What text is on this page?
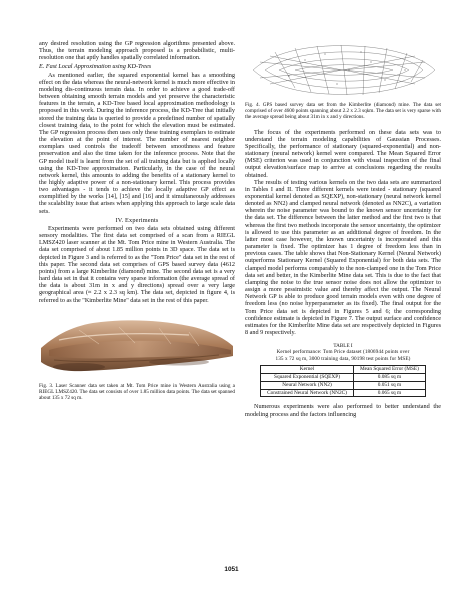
any desired resolution using the GP regression algorithms presented above. Thus, the terrain modeling approach proposed is a probabilistic, multi-resolution one that aptly handles spatially correlated information.

E. Fast Local Approximation using KD-Trees

As mentioned earlier, the squared exponential kernel has a smoothing effect on the data whereas the neural-network kernel is much more effective in modeling dis-continuous terrain data. In order to achieve a good trade-off between obtaining smooth terrain models and yet preserve the characteristic features in the terrain, a KD-Tree based local approximation methodology is proposed in this work. During the inference process, the KD-Tree that initially stored the training data is queried to provide a predefined number of spatially closest training data, to the point for which the elevation must be estimated. The GP regression process then uses only these training exemplars to estimate the elevation at the point of interest. The number of nearest neighbor exemplars used controls the tradeoff between smoothness and feature preservation and also the time taken for the inference process. Note that the GP model itself is learnt from the set of all training data but is applied locally using the KD-Tree approximation. Particularly, in the case of the neural network kernel, this amounts to adding the benefits of a stationary kernel to the highly adaptive power of a non-stationary kernel. This process provides two advantages - it tends to achieve the locally adaptive GP effect as exemplified by the works [14], [15] and [16] and it simultaneously addresses the scalability issue that arises when applying this approach to large scale data sets.

IV. Experiments

Experiments were performed on two data sets obtained using different sensory modalities. The first data set comprised of a scan from a RIEGL LMSZ420 laser scanner at the Mt. Tom Price mine in Western Australia. The data set comprised of about 1.85 million points in 3D space. The data set is depicted in Figure 3 and is referred to as the "Tom Price" data set in the rest of this paper. The second data set comprises of GPS based survey data (4612 points) from a large Kimberlite (diamond) mine. The second data set is a very hard data set in that it contains very sparse information (the average spread of the data is about 31m in x and y directions) spread over a very large geographical area (≈ 2.2 x 2.3 sq km). The data set, depicted in figure 4, is referred to as the "Kimberlite Mine" data set in the rest of this paper.

Fig. 3. Laser Scanner data set taken at Mt. Tom Price mine in Western Australia using a RIEGL LMSZ420. The data set consists of over 1.85 million data points. The data set spanned about 135 x 72 sq m.
Fig. 4. GPS based survey data set from the Kimberlite (diamond) mine. The data set comprised of over 4600 points spanning about 2.2 x 2.3 sqkm. The data set is very sparse with the average spread being about 31m in x and y directions.

The focus of the experiments performed on these data sets was to understand the terrain modeling capabilities of Gaussian Processes. Specifically, the performance of stationary (squared-exponential) and non-stationary (neural network) kernel were compared. The Mean Squared Error (MSE) criterion was used in conjunction with visual inspection of the final output elevation/surface map to arrive at conclusions regarding the results obtained.

The results of testing various kernels on the two data sets are summarized in Tables I and II. Three different kernels were tested - stationary (squared exponential kernel denoted as SQEXP), non-stationary (neural network kernel denoted as NN2) and clamped neural network (denoted as NN2C), a variation wherein the noise parameter was bound to the known sensor uncertainty for the data set. The difference between the latter method and the first two is that whereas the first two methods incorporate the sensor uncertainty, the optimizer is allowed to use this parameter as an additional degree of freedom. In the latter most case however, the known uncertainty is incorporated and this parameter is fixed. The optimizer has 1 degree of freedom less than in previous cases. The table shows that Non-Stationary Kernel (Neural Network) outperforms Stationary Kernel (Squared Exponential) for both data sets. The clamped model performs comparably to the non-clamped one in the Tom Price data set and better, in the Kimberlite Mine data set. This is due to the fact that clamping the noise to the true sensor noise does not allow the optimizer to assign a more pessimistic value and thereby affect the output. The Neural Network GP is able to produce good terrain models even with one degree of freedom less (no noise hyperparameter as its fixed). The final output for the Tom Price data set is depicted in Figures 5 and 6; the corresponding confidence estimate is depicted in Figure 7. The output surface and confidence estimates for the Kimberlite Mine data set are respectively depicted in Figures 8 and 9 respectively.

TABLE I
Kernel performance: Tom Price dataset (1806944 points over
135 x 72 sq m, 3000 training data, 90198 test points for MSE)
Kernel	Mean Squared Error (MSE)
Squared Exponential (SQEXP)	0.085 sq m
Neural Network (NN2)	0.051 sq m
Constrained Neural Network (NN2C)	0.065 sq m

Numerous experiments were also performed to better understand the modeling process and the factors influencing

1051
